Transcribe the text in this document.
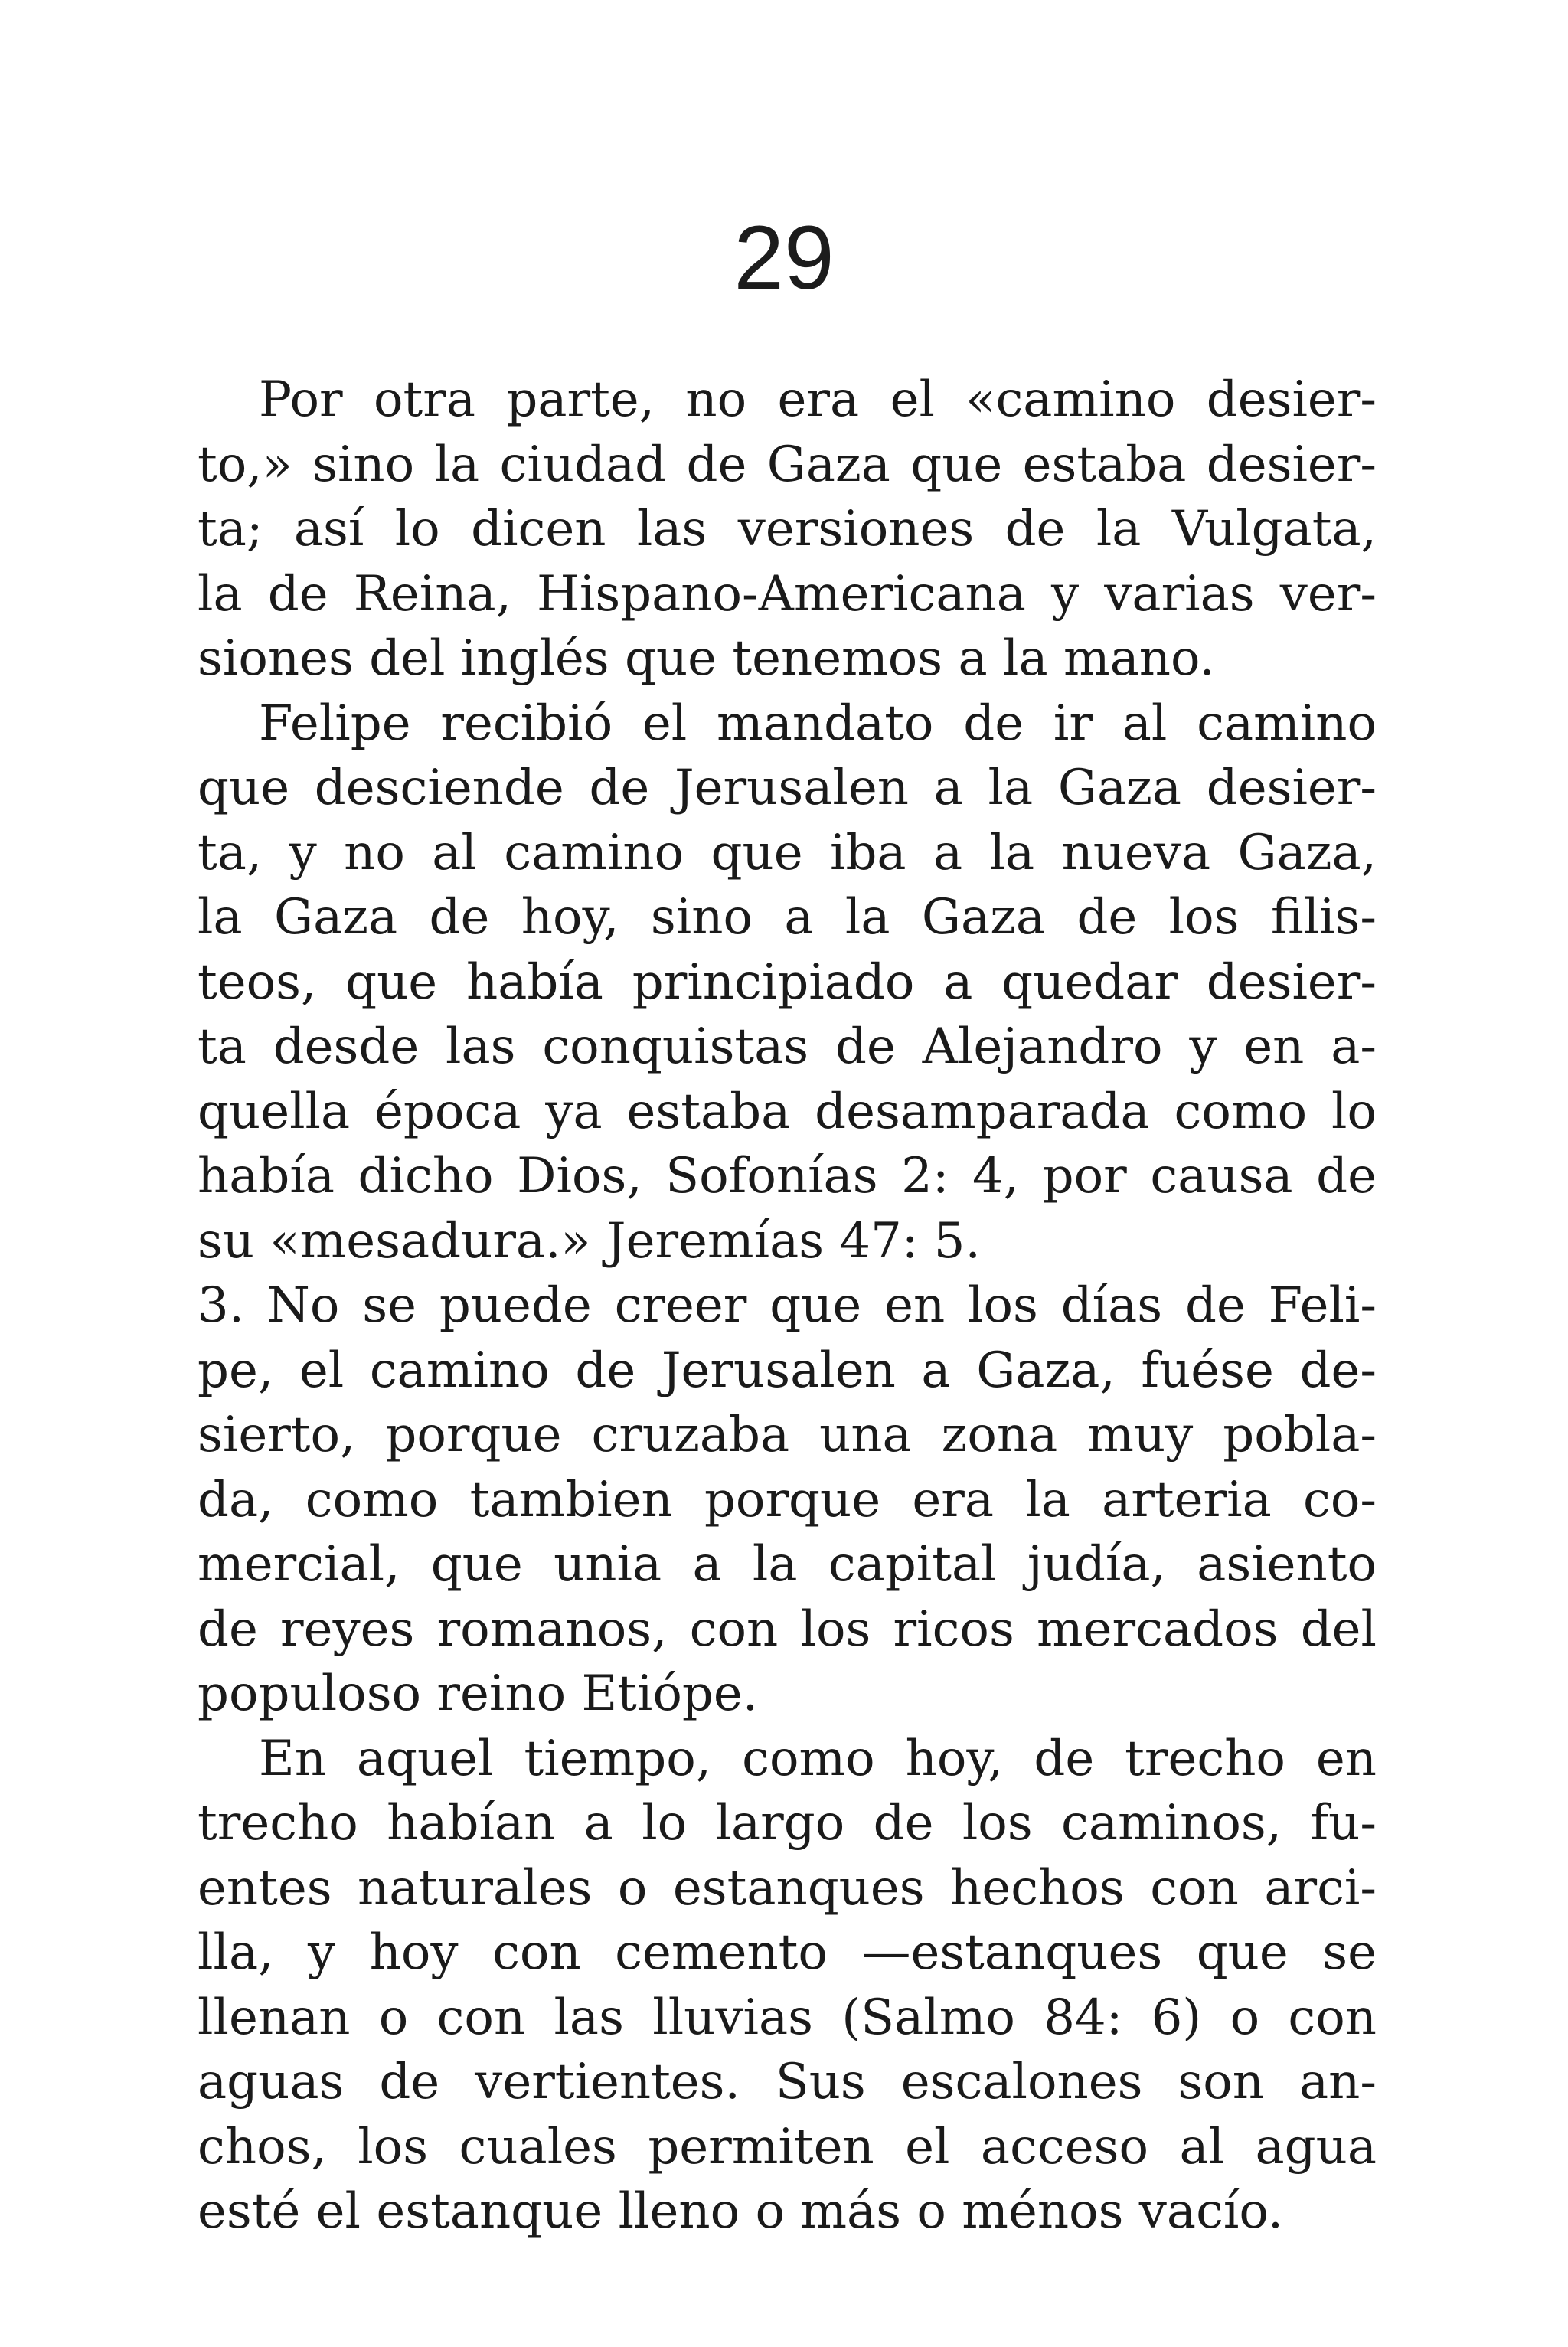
29
Por otra parte, no era el «camino desier-
to,» sino la ciudad de Gaza que estaba desier-
ta; así lo dicen las versiones de la Vulgata,
la de Reina, Hispano-Americana y varias ver-
siones del inglés que tenemos a la mano.
Felipe recibió el mandato de ir al camino
que desciende de Jerusalen a la Gaza desier-
ta, y no al camino que iba a la nueva Gaza,
la Gaza de hoy, sino a la Gaza de los filis-
teos, que había principiado a quedar desier-
ta desde las conquistas de Alejandro y en a-
quella época ya estaba desamparada como lo
había dicho Dios, Sofonías 2: 4, por causa de
su «mesadura.» Jeremías 47: 5.
3. No se puede creer que en los días de Feli-
pe, el camino de Jerusalen a Gaza, fuése de-
sierto, porque cruzaba una zona muy pobla-
da, como tambien porque era la arteria co-
mercial, que unia a la capital judía, asiento
de reyes romanos, con los ricos mercados del
populoso reino Etiópe.
En aquel tiempo, como hoy, de trecho en
trecho habían a lo largo de los caminos, fu-
entes naturales o estanques hechos con arci-
lla, y hoy con cemento —estanques que se
llenan o con las lluvias (Salmo 84: 6) o con
aguas de vertientes. Sus escalones son an-
chos, los cuales permiten el acceso al agua
esté el estanque lleno o más o ménos vacío.
